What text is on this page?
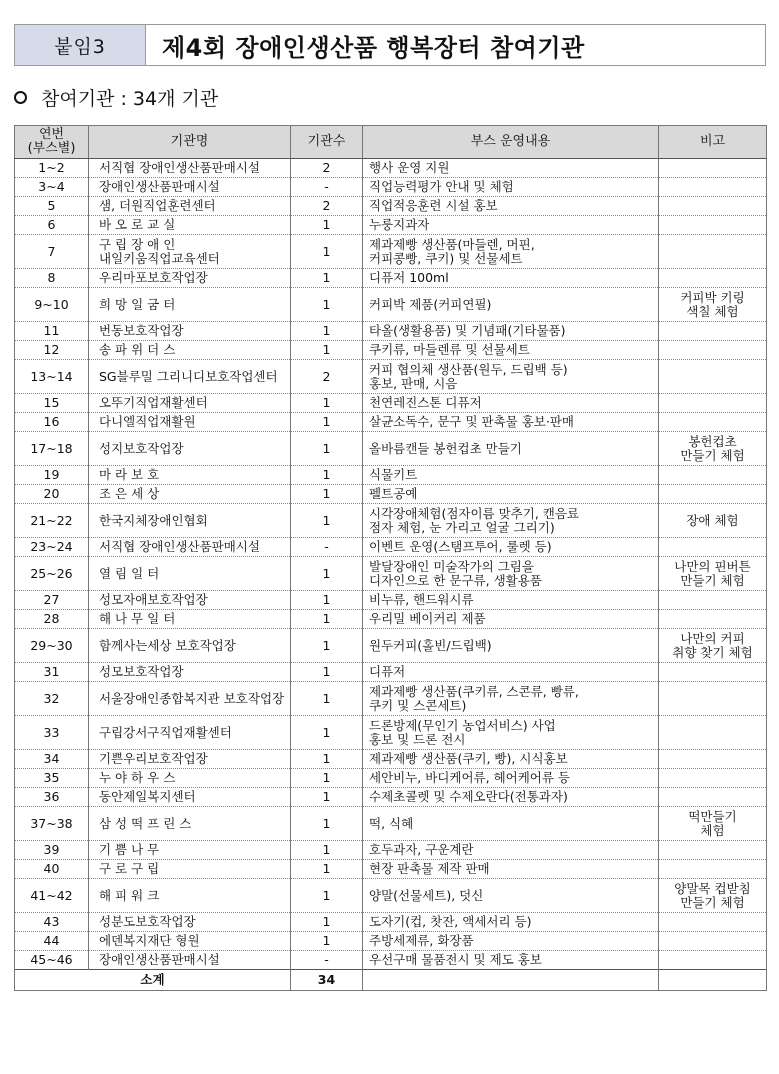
붙임3	제4회 장애인생산품 행복장터 참여기관
참여기관 : 34개 기관
연번
(부스별)	기관명	기관수	부스 운영내용	비고
1~2	서직협 장애인생산품판매시설	2	행사 운영 지원	
3~4	장애인생산품판매시설	-	직업능력평가 안내 및 체험	
5	샘, 더원직업훈련센터	2	직업적응훈련 시설 홍보	
6	바 오 로 교 실	1	누룽지과자	
7	구 립 장 애 인
내일키움직업교육센터	1	제과제빵 생산품(마들렌, 머핀,
커피콩빵, 쿠키) 및 선물세트	
8	우리마포보호작업장	1	디퓨저 100ml	
9~10	희 망 일 굼 터	1	커피박 제품(커피연필)	커피박 키링
색칠 체험
11	번동보호작업장	1	타올(생활용품) 및 기념패(기타물품)	
12	송 파 위 더 스	1	쿠키류, 마들렌류 및 선물세트	
13~14	SG블루밀 그리니디보호작업센터	2	커피 협의체 생산품(원두, 드립백 등)
홍보, 판매, 시음	
15	오뚜기직업재활센터	1	천연레진스톤 디퓨저	
16	다니엘직업재활원	1	살균소독수, 문구 및 판촉물 홍보·판매	
17~18	성지보호작업장	1	올바름캔들 봉헌컵초 만들기	봉헌컵초
만들기 체험
19	마 라 보 호	1	식물키트	
20	조 은 세 상	1	펠트공예	
21~22	한국지체장애인협회	1	시각장애체험(점자이름 맞추기, 캔음료
점자 체험, 눈 가리고 얼굴 그리기)	장애 체험
23~24	서직협 장애인생산품판매시설	-	이벤트 운영(스탬프투어, 룰렛 등)	
25~26	열 림 일 터	1	발달장애인 미술작가의 그림을
디자인으로 한 문구류, 생활용품	나만의 핀버튼
만들기 체험
27	성모자애보호작업장	1	비누류, 핸드워시류	
28	해 나 무 일 터	1	우리밀 베이커리 제품	
29~30	함께사는세상 보호작업장	1	원두커피(홀빈/드립백)	나만의 커피
취향 찾기 체험
31	성모보호작업장	1	디퓨저	
32	서울장애인종합복지관 보호작업장	1	제과제빵 생산품(쿠키류, 스콘류, 빵류,
쿠키 및 스콘세트)	
33	구립강서구직업재활센터	1	드론방제(무인기 농업서비스) 사업
홍보 및 드론 전시	
34	기쁜우리보호작업장	1	제과제빵 생산품(쿠키, 빵), 시식홍보	
35	누 야 하 우 스	1	세안비누, 바디케어류, 헤어케어류 등	
36	동안제일복지센터	1	수제초콜렛 및 수제오란다(전통과자)	
37~38	삼 성 떡 프 린 스	1	떡, 식혜	떡만들기
체험
39	기 쁨 나 무	1	호두과자, 구운계란	
40	구 로 구 립	1	현장 판촉물 제작 판매	
41~42	해 피 워 크	1	양말(선물세트), 덧신	양말목 컵받침
만들기 체험
43	성분도보호작업장	1	도자기(컵, 찻잔, 액세서리 등)	
44	에덴복지재단 형원	1	주방세제류, 화장품	
45~46	장애인생산품판매시설	-	우선구매 물품전시 및 제도 홍보	
소계		34		
